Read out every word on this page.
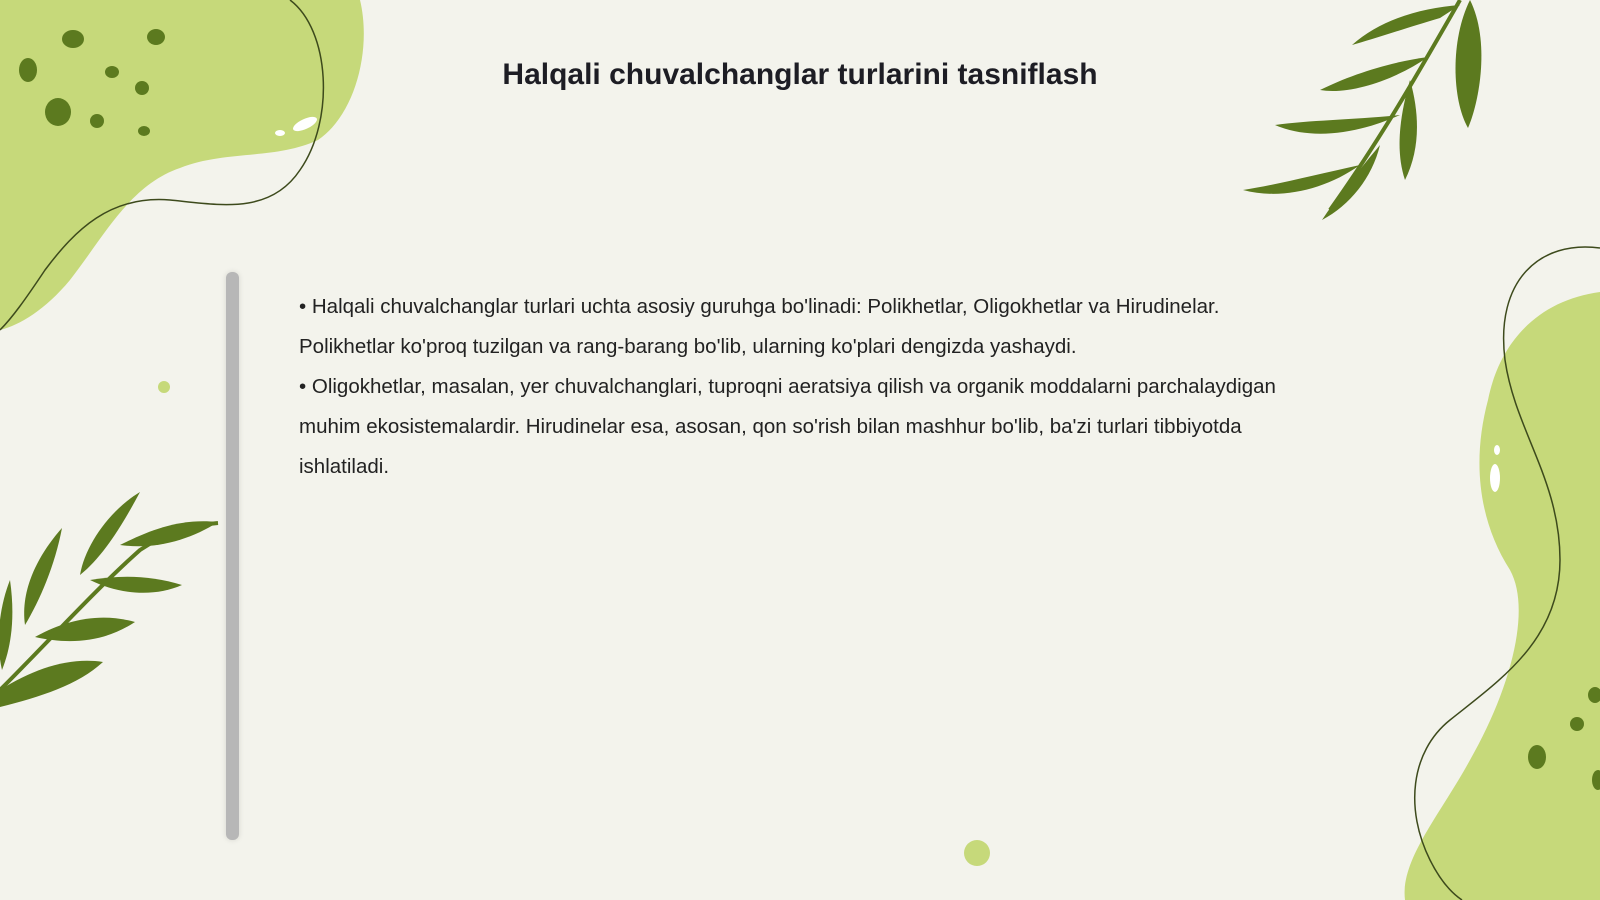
Halqali chuvalchanglar turlarini tasniflash

• Halqali chuvalchanglar turlari uchta asosiy guruhga bo'linadi: Polikhetlar, Oligokhetlar va Hirudinelar. Polikhetlar ko'proq tuzilgan va rang-barang bo'lib, ularning ko'plari dengizda yashaydi.

• Oligokhetlar, masalan, yer chuvalchanglari, tuproqni aeratsiya qilish va organik moddalarni parchalaydigan muhim ekosistemalardir. Hirudinelar esa, asosan, qon so'rish bilan mashhur bo'lib, ba'zi turlari tibbiyotda ishlatiladi.
